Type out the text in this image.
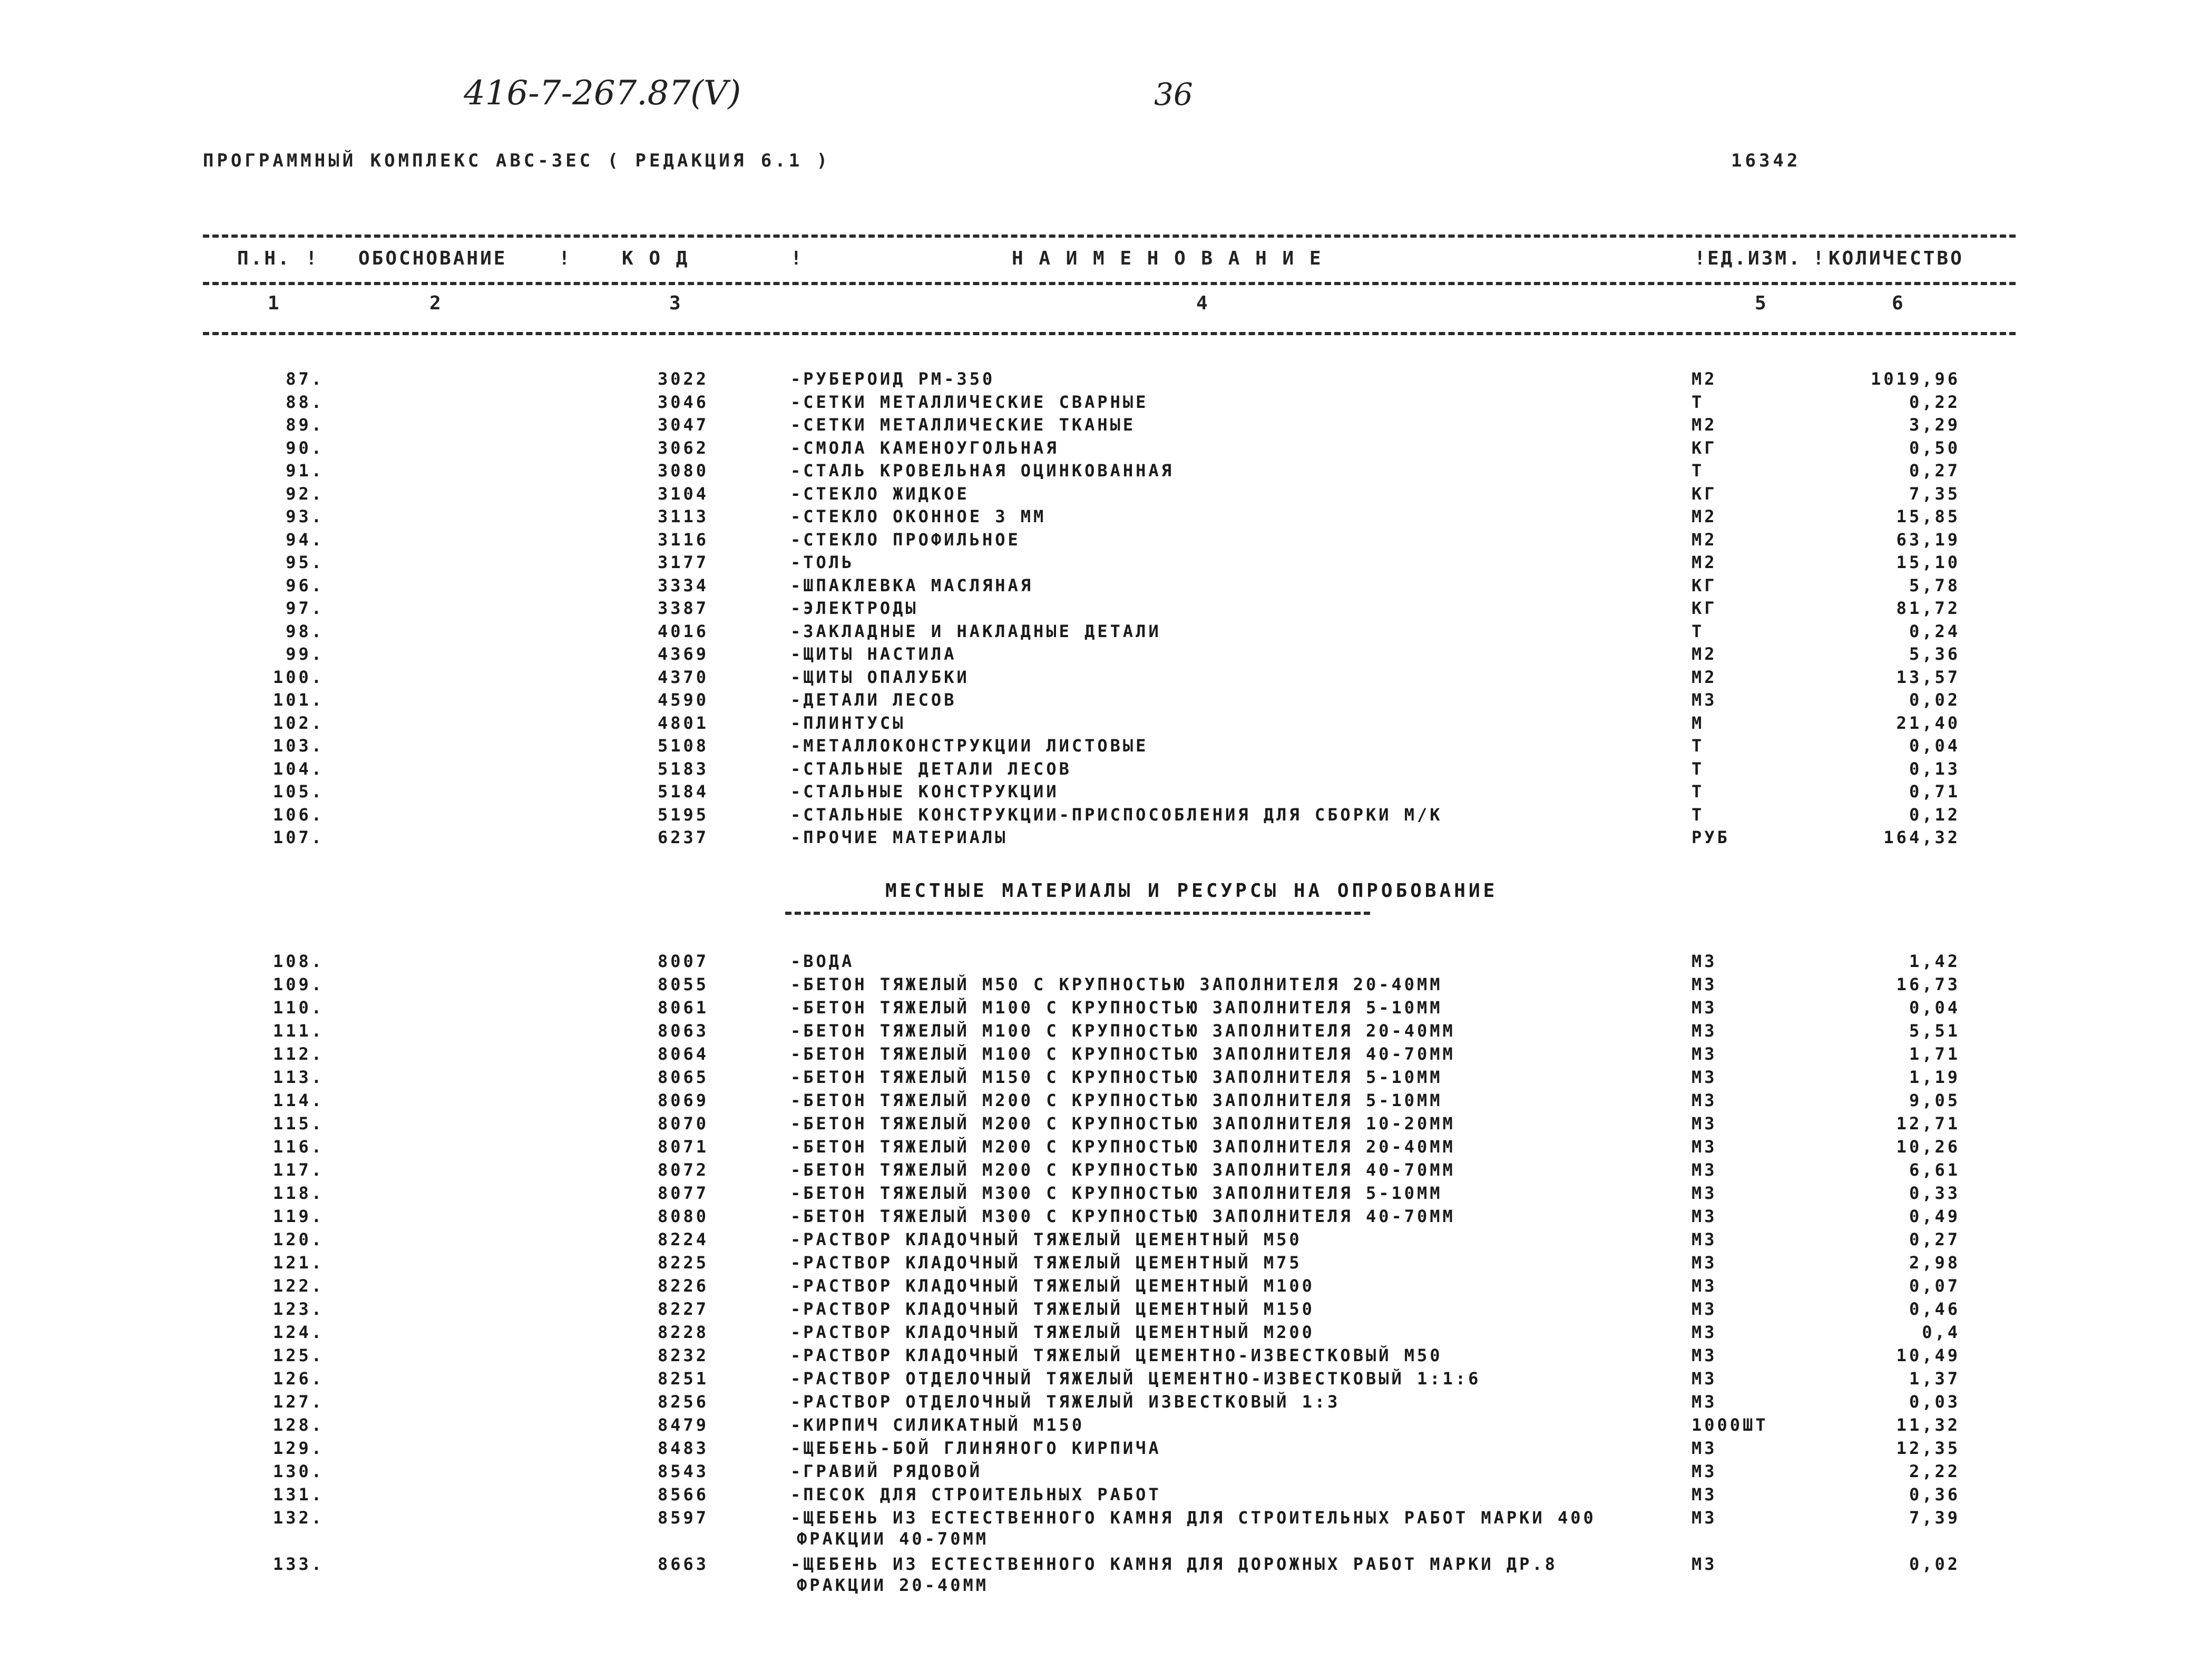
416-7-267.87(Ⅴ)	36
ПРОГРАММНЫЙ КОМПЛЕКС АВС-ЗЕС ( РЕДАКЦИЯ 6.1 )	16342
П.Н. ! ОБОСНОВАНИЕ	!	К О Д	!	Н А И М Е Н О В А Н И Е	! ЕД.ИЗМ. ! КОЛИЧЕСТВО
1	2	3	4	5	6
87.	3022	-РУБЕРОИД РМ-350	М2	1019,96
88.	3046	-СЕТКИ МЕТАЛЛИЧЕСКИЕ СВАРНЫЕ	Т	0,22
89.	3047	-СЕТКИ МЕТАЛЛИЧЕСКИЕ ТКАНЫЕ	М2	3,29
90.	3062	-СМОЛА КАМЕНОУГОЛЬНАЯ	КГ	0,50
91.	3080	-СТАЛЬ КРОВЕЛЬНАЯ ОЦИНКОВАННАЯ	Т	0,27
92.	3104	-СТЕКЛО ЖИДКОЕ	КГ	7,35
93.	3113	-СТЕКЛО ОКОННОЕ 3 ММ	М2	15,85
94.	3116	-СТЕКЛО ПРОФИЛЬНОЕ	М2	63,19
95.	3177	-ТОЛЬ	М2	15,10
96.	3334	-ШПАКЛЕВКА МАСЛЯНАЯ	КГ	5,78
97.	3387	-ЭЛЕКТРОДЫ	КГ	81,72
98.	4016	-ЗАКЛАДНЫЕ И НАКЛАДНЫЕ ДЕТАЛИ	Т	0,24
99.	4369	-ЩИТЫ НАСТИЛА	М2	5,36
100.	4370	-ЩИТЫ ОПАЛУБКИ	М2	13,57
101.	4590	-ДЕТАЛИ ЛЕСОВ	М3	0,02
102.	4801	-ПЛИНТУСЫ	М	21,40
103.	5108	-МЕТАЛЛОКОНСТРУКЦИИ ЛИСТОВЫЕ	Т	0,04
104.	5183	-СТАЛЬНЫЕ ДЕТАЛИ ЛЕСОВ	Т	0,13
105.	5184	-СТАЛЬНЫЕ КОНСТРУКЦИИ	Т	0,71
106.	5195	-СТАЛЬНЫЕ КОНСТРУКЦИИ-ПРИСПОСОБЛЕНИЯ ДЛЯ СБОРКИ М/К	Т	0,12
107.	6237	-ПРОЧИЕ МАТЕРИАЛЫ	РУБ	164,32
МЕСТНЫЕ МАТЕРИАЛЫ И РЕСУРСЫ НА ОПРОБОВАНИЕ
108.	8007	-ВОДА	М3	1,42
109.	8055	-БЕТОН ТЯЖЕЛЫЙ М50 С КРУПНОСТЬЮ ЗАПОЛНИТЕЛЯ 20-40ММ	М3	16,73
110.	8061	-БЕТОН ТЯЖЕЛЫЙ М100 С КРУПНОСТЬЮ ЗАПОЛНИТЕЛЯ 5-10ММ	М3	0,04
111.	8063	-БЕТОН ТЯЖЕЛЫЙ М100 С КРУПНОСТЬЮ ЗАПОЛНИТЕЛЯ 20-40ММ	М3	5,51
112.	8064	-БЕТОН ТЯЖЕЛЫЙ М100 С КРУПНОСТЬЮ ЗАПОЛНИТЕЛЯ 40-70ММ	М3	1,71
113.	8065	-БЕТОН ТЯЖЕЛЫЙ М150 С КРУПНОСТЬЮ ЗАПОЛНИТЕЛЯ 5-10ММ	М3	1,19
114.	8069	-БЕТОН ТЯЖЕЛЫЙ М200 С КРУПНОСТЬЮ ЗАПОЛНИТЕЛЯ 5-10ММ	М3	9,05
115.	8070	-БЕТОН ТЯЖЕЛЫЙ М200 С КРУПНОСТЬЮ ЗАПОЛНИТЕЛЯ 10-20ММ	М3	12,71
116.	8071	-БЕТОН ТЯЖЕЛЫЙ М200 С КРУПНОСТЬЮ ЗАПОЛНИТЕЛЯ 20-40ММ	М3	10,26
117.	8072	-БЕТОН ТЯЖЕЛЫЙ М200 С КРУПНОСТЬЮ ЗАПОЛНИТЕЛЯ 40-70ММ	М3	6,61
118.	8077	-БЕТОН ТЯЖЕЛЫЙ М300 С КРУПНОСТЬЮ ЗАПОЛНИТЕЛЯ 5-10ММ	М3	0,33
119.	8080	-БЕТОН ТЯЖЕЛЫЙ М300 С КРУПНОСТЬЮ ЗАПОЛНИТЕЛЯ 40-70ММ	М3	0,49
120.	8224	-РАСТВОР КЛАДОЧНЫЙ ТЯЖЕЛЫЙ ЦЕМЕНТНЫЙ М50	М3	0,27
121.	8225	-РАСТВОР КЛАДОЧНЫЙ ТЯЖЕЛЫЙ ЦЕМЕНТНЫЙ М75	М3	2,98
122.	8226	-РАСТВОР КЛАДОЧНЫЙ ТЯЖЕЛЫЙ ЦЕМЕНТНЫЙ М100	М3	0,07
123.	8227	-РАСТВОР КЛАДОЧНЫЙ ТЯЖЕЛЫЙ ЦЕМЕНТНЫЙ М150	М3	0,46
124.	8228	-РАСТВОР КЛАДОЧНЫЙ ТЯЖЕЛЫЙ ЦЕМЕНТНЫЙ М200	М3	0,4
125.	8232	-РАСТВОР КЛАДОЧНЫЙ ТЯЖЕЛЫЙ ЦЕМЕНТНО-ИЗВЕСТКОВЫЙ М50	М3	10,49
126.	8251	-РАСТВОР ОТДЕЛОЧНЫЙ ТЯЖЕЛЫЙ ЦЕМЕНТНО-ИЗВЕСТКОВЫЙ 1:1:6	М3	1,37
127.	8256	-РАСТВОР ОТДЕЛОЧНЫЙ ТЯЖЕЛЫЙ ИЗВЕСТКОВЫЙ 1:3	М3	0,03
128.	8479	-КИРПИЧ СИЛИКАТНЫЙ М150	1000ШТ	11,32
129.	8483	-ЩЕБЕНЬ-БОЙ ГЛИНЯНОГО КИРПИЧА	М3	12,35
130.	8543	-ГРАВИЙ РЯДОВОЙ	М3	2,22
131.	8566	-ПЕСОК ДЛЯ СТРОИТЕЛЬНЫХ РАБОТ	М3	0,36
132.	8597	-ЩЕБЕНЬ ИЗ ЕСТЕСТВЕННОГО КАМНЯ ДЛЯ СТРОИТЕЛЬНЫХ РАБОТ МАРКИ 400	М3	7,39
ФРАКЦИИ 40-70ММ
133.	8663	-ЩЕБЕНЬ ИЗ ЕСТЕСТВЕННОГО КАМНЯ ДЛЯ ДОРОЖНЫХ РАБОТ МАРКИ ДР.8	М3	0,02
ФРАКЦИИ 20-40ММ
